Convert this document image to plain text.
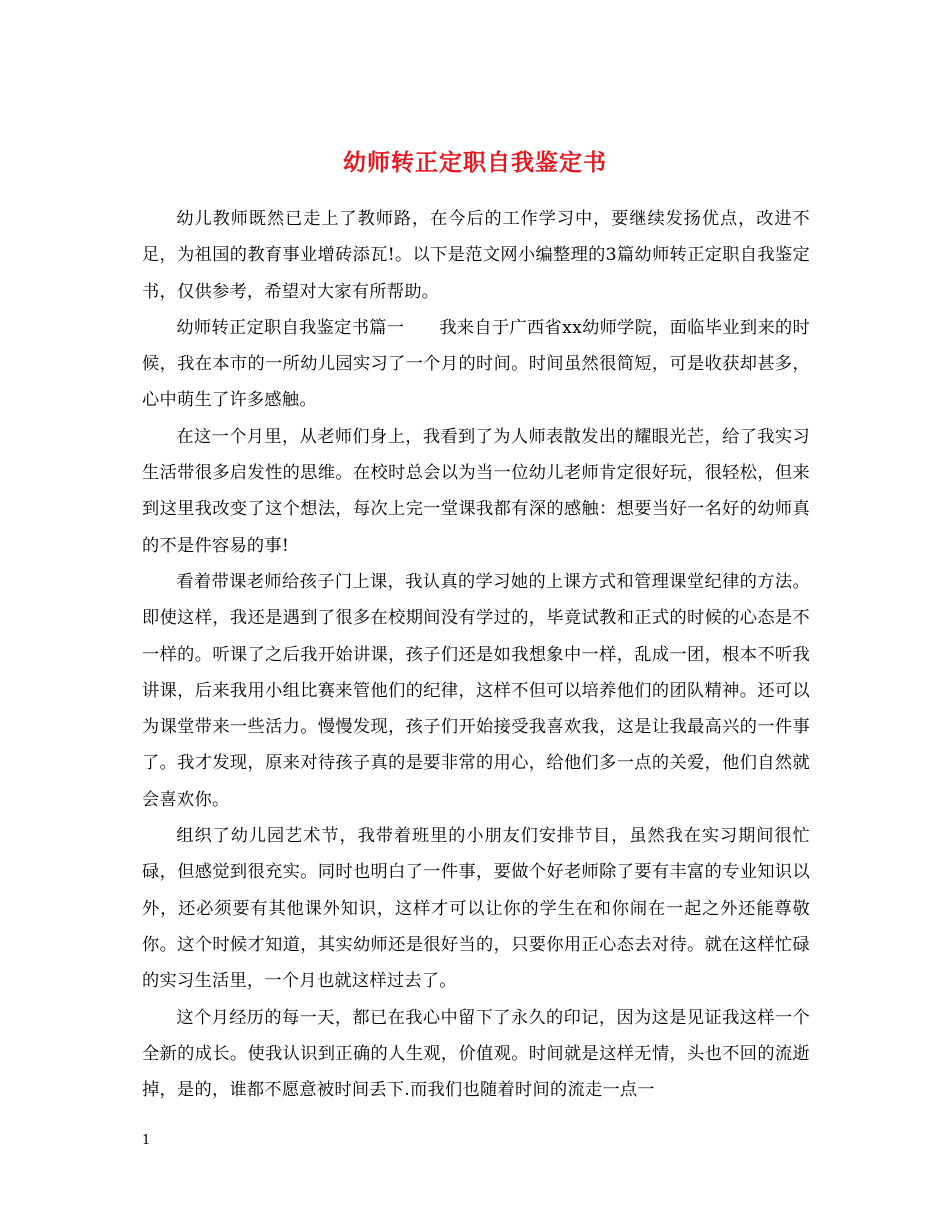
幼师转正定职自我鉴定书

幼儿教师既然已走上了教师路，在今后的工作学习中，要继续发扬优点，改进不足，为祖国的教育事业增砖添瓦!。以下是范文网小编整理的3篇幼师转正定职自我鉴定书，仅供参考，希望对大家有所帮助。

幼师转正定职自我鉴定书篇一　　我来自于广西省xx幼师学院，面临毕业到来的时候，我在本市的一所幼儿园实习了一个月的时间。时间虽然很简短，可是收获却甚多，心中萌生了许多感触。

在这一个月里，从老师们身上，我看到了为人师表散发出的耀眼光芒，给了我实习生活带很多启发性的思维。在校时总会以为当一位幼儿老师肯定很好玩，很轻松，但来到这里我改变了这个想法，每次上完一堂课我都有深的感触：想要当好一名好的幼师真的不是件容易的事!

看着带课老师给孩子门上课，我认真的学习她的上课方式和管理课堂纪律的方法。即使这样，我还是遇到了很多在校期间没有学过的，毕竟试教和正式的时候的心态是不一样的。听课了之后我开始讲课，孩子们还是如我想象中一样，乱成一团，根本不听我讲课，后来我用小组比赛来管他们的纪律，这样不但可以培养他们的团队精神。还可以为课堂带来一些活力。慢慢发现，孩子们开始接受我喜欢我，这是让我最高兴的一件事了。我才发现，原来对待孩子真的是要非常的用心，给他们多一点的关爱，他们自然就会喜欢你。

组织了幼儿园艺术节，我带着班里的小朋友们安排节目，虽然我在实习期间很忙碌，但感觉到很充实。同时也明白了一件事，要做个好老师除了要有丰富的专业知识以外，还必须要有其他课外知识，这样才可以让你的学生在和你闹在一起之外还能尊敬你。这个时候才知道，其实幼师还是很好当的，只要你用正心态去对待。就在这样忙碌的实习生活里，一个月也就这样过去了。

这个月经历的每一天，都已在我心中留下了永久的印记，因为这是见证我这样一个全新的成长。使我认识到正确的人生观，价值观。时间就是这样无情，头也不回的流逝掉，是的，谁都不愿意被时间丢下.而我们也随着时间的流走一点一

1
